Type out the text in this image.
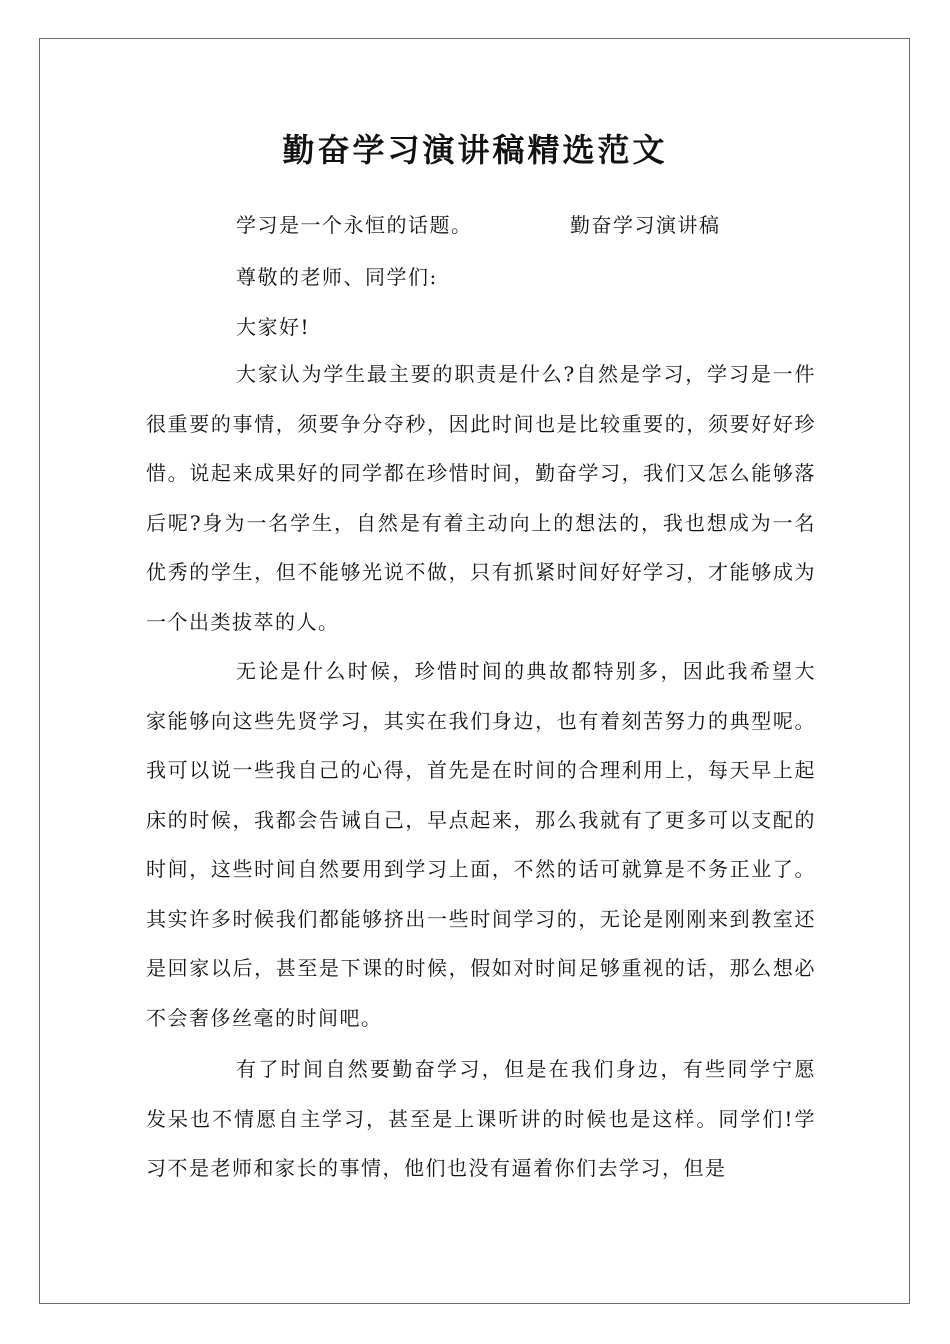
勤奋学习演讲稿精选范文

学习是一个永恒的话题。	勤奋学习演讲稿

尊敬的老师、同学们:

大家好!

大家认为学生最主要的职责是什么?自然是学习，学习是一件很重要的事情，须要争分夺秒，因此时间也是比较重要的，须要好好珍惜。说起来成果好的同学都在珍惜时间，勤奋学习，我们又怎么能够落后呢?身为一名学生，自然是有着主动向上的想法的，我也想成为一名优秀的学生，但不能够光说不做，只有抓紧时间好好学习，才能够成为一个出类拔萃的人。

无论是什么时候，珍惜时间的典故都特别多，因此我希望大家能够向这些先贤学习，其实在我们身边，也有着刻苦努力的典型呢。我可以说一些我自己的心得，首先是在时间的合理利用上，每天早上起床的时候，我都会告诫自己，早点起来，那么我就有了更多可以支配的时间，这些时间自然要用到学习上面，不然的话可就算是不务正业了。其实许多时候我们都能够挤出一些时间学习的，无论是刚刚来到教室还是回家以后，甚至是下课的时候，假如对时间足够重视的话，那么想必不会奢侈丝毫的时间吧。

有了时间自然要勤奋学习，但是在我们身边，有些同学宁愿发呆也不情愿自主学习，甚至是上课听讲的时候也是这样。同学们!学习不是老师和家长的事情，他们也没有逼着你们去学习，但是
